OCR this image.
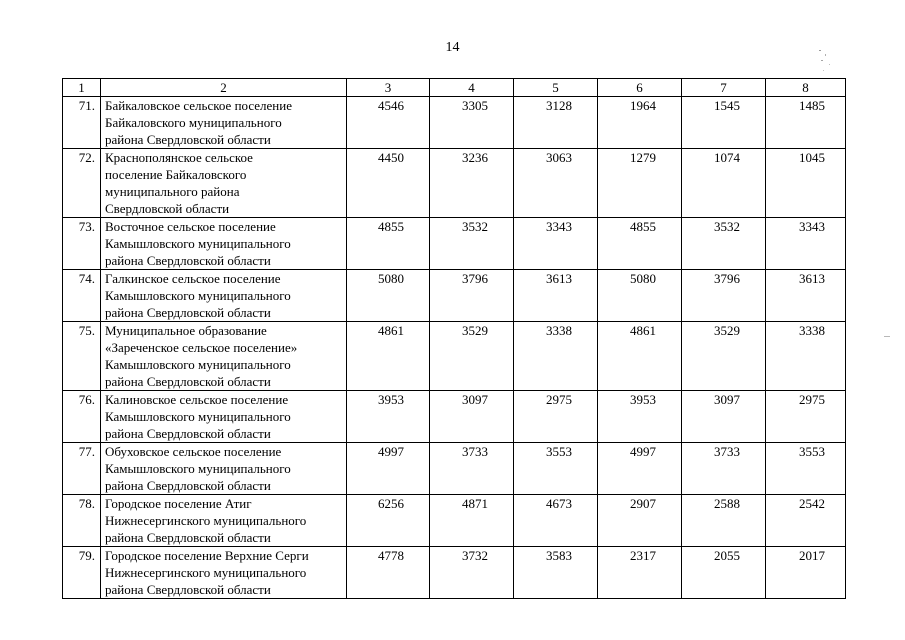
14
1	2	3	4	5	6	7	8
71.	Байкаловское сельское поселение
Байкаловского муниципального
района Свердловской области	4546	3305	3128	1964	1545	1485
72.	Краснополянское сельское
поселение Байкаловского
муниципального района
Свердловской области	4450	3236	3063	1279	1074	1045
73.	Восточное сельское поселение
Камышловского муниципального
района Свердловской области	4855	3532	3343	4855	3532	3343
74.	Галкинское сельское поселение
Камышловского муниципального
района Свердловской области	5080	3796	3613	5080	3796	3613
75.	Муниципальное образование
«Зареченское сельское поселение»
Камышловского муниципального
района Свердловской области	4861	3529	3338	4861	3529	3338
76.	Калиновское сельское поселение
Камышловского муниципального
района Свердловской области	3953	3097	2975	3953	3097	2975
77.	Обуховское сельское поселение
Камышловского муниципального
района Свердловской области	4997	3733	3553	4997	3733	3553
78.	Городское поселение Атиг
Нижнесергинского муниципального
района Свердловской области	6256	4871	4673	2907	2588	2542
79.	Городское поселение Верхние Серги
Нижнесергинского муниципального
района Свердловской области	4778	3732	3583	2317	2055	2017
